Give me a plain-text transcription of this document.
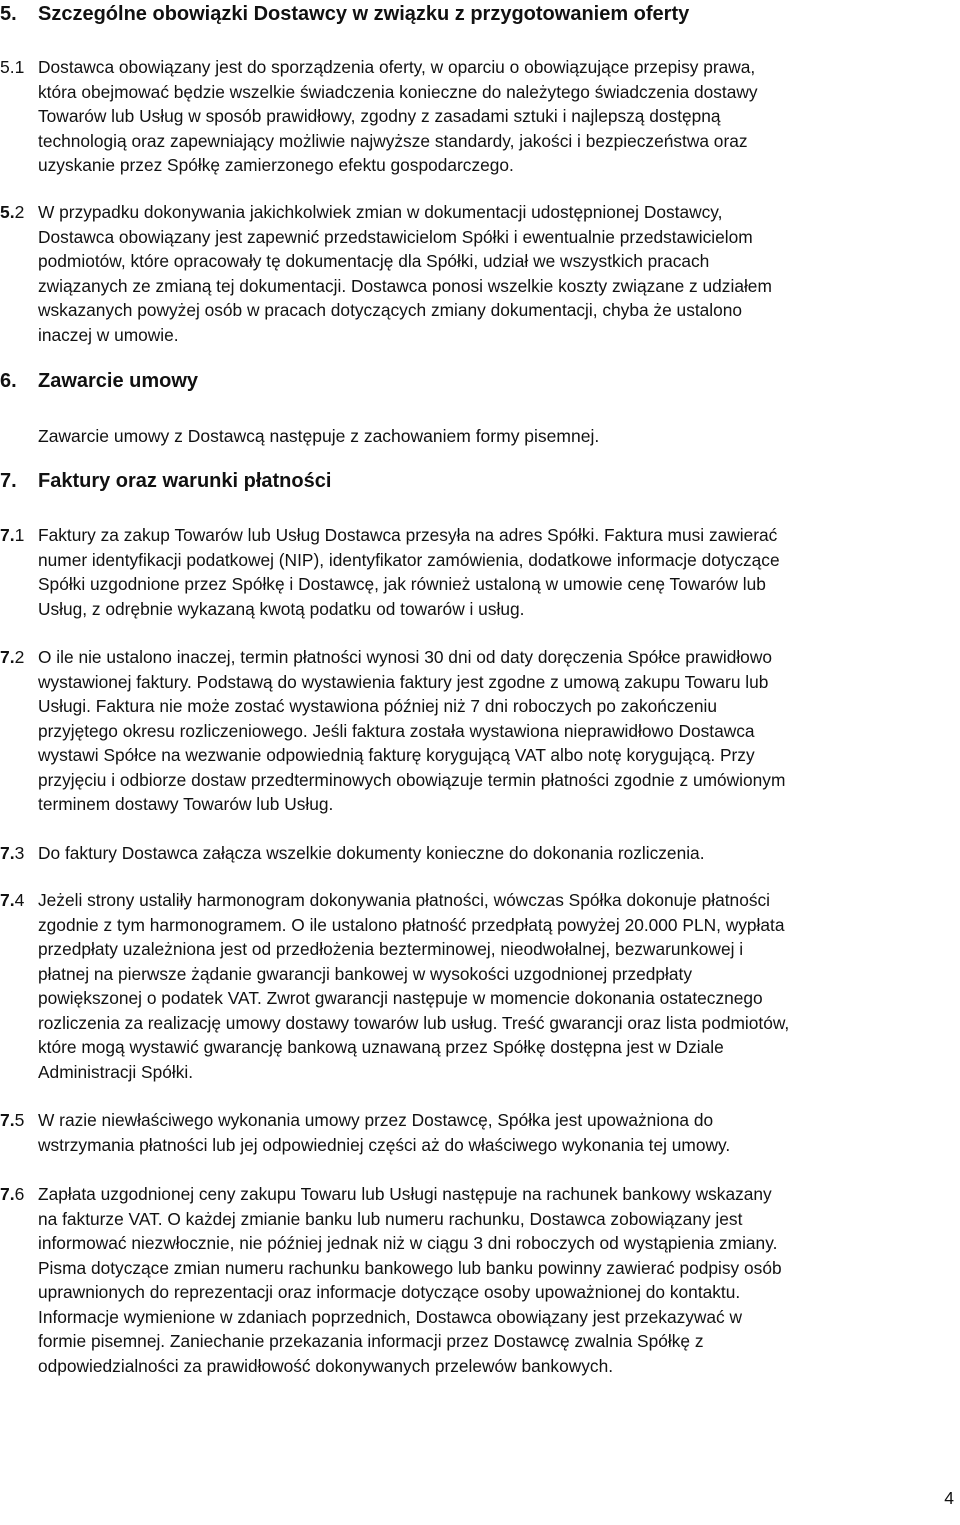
5. Szczególne obowiązki Dostawcy w związku z przygotowaniem oferty
5.1 Dostawca obowiązany jest do sporządzenia oferty, w oparciu o obowiązujące przepisy prawa,
która obejmować będzie wszelkie świadczenia konieczne do należytego świadczenia dostawy
Towarów lub Usług w sposób prawidłowy, zgodny z zasadami sztuki i najlepszą dostępną
technologią oraz zapewniający możliwie najwyższe standardy, jakości i bezpieczeństwa oraz
uzyskanie przez Spółkę zamierzonego efektu gospodarczego.
5.2 W przypadku dokonywania jakichkolwiek zmian w dokumentacji udostępnionej Dostawcy,
Dostawca obowiązany jest zapewnić przedstawicielom Spółki i ewentualnie przedstawicielom
podmiotów, które opracowały tę dokumentację dla Spółki, udział we wszystkich pracach
związanych ze zmianą tej dokumentacji. Dostawca ponosi wszelkie koszty związane z udziałem
wskazanych powyżej osób w pracach dotyczących zmiany dokumentacji, chyba że ustalono
inaczej w umowie.
6. Zawarcie umowy
Zawarcie umowy z Dostawcą następuje z zachowaniem formy pisemnej.
7. Faktury oraz warunki płatności
7.1 Faktury za zakup Towarów lub Usług Dostawca przesyła na adres Spółki. Faktura musi zawierać
numer identyfikacji podatkowej (NIP), identyfikator zamówienia, dodatkowe informacje dotyczące
Spółki uzgodnione przez Spółkę i Dostawcę, jak również ustaloną w umowie cenę Towarów lub
Usług, z odrębnie wykazaną kwotą podatku od towarów i usług.
7.2 O ile nie ustalono inaczej, termin płatności wynosi 30 dni od daty doręczenia Spółce prawidłowo
wystawionej faktury. Podstawą do wystawienia faktury jest zgodne z umową zakupu Towaru lub
Usługi. Faktura nie może zostać wystawiona później niż 7 dni roboczych po zakończeniu
przyjętego okresu rozliczeniowego. Jeśli faktura została wystawiona nieprawidłowo Dostawca
wystawi Spółce na wezwanie odpowiednią fakturę korygującą VAT albo notę korygującą. Przy
przyjęciu i odbiorze dostaw przedterminowych obowiązuje termin płatności zgodnie z umówionym
terminem dostawy Towarów lub Usług.
7.3 Do faktury Dostawca załącza wszelkie dokumenty konieczne do dokonania rozliczenia.
7.4 Jeżeli strony ustaliły harmonogram dokonywania płatności, wówczas Spółka dokonuje płatności
zgodnie z tym harmonogramem. O ile ustalono płatność przedpłatą powyżej 20.000 PLN, wypłata
przedpłaty uzależniona jest od przedłożenia bezterminowej, nieodwołalnej, bezwarunkowej i
płatnej na pierwsze żądanie gwarancji bankowej w wysokości uzgodnionej przedpłaty
powiększonej o podatek VAT. Zwrot gwarancji następuje w momencie dokonania ostatecznego
rozliczenia za realizację umowy dostawy towarów lub usług. Treść gwarancji oraz lista podmiotów,
które mogą wystawić gwarancję bankową uznawaną przez Spółkę dostępna jest w Dziale
Administracji Spółki.
7.5 W razie niewłaściwego wykonania umowy przez Dostawcę, Spółka jest upoważniona do
wstrzymania płatności lub jej odpowiedniej części aż do właściwego wykonania tej umowy.
7.6 Zapłata uzgodnionej ceny zakupu Towaru lub Usługi następuje na rachunek bankowy wskazany
na fakturze VAT. O każdej zmianie banku lub numeru rachunku, Dostawca zobowiązany jest
informować niezwłocznie, nie później jednak niż w ciągu 3 dni roboczych od wystąpienia zmiany.
Pisma dotyczące zmian numeru rachunku bankowego lub banku powinny zawierać podpisy osób
uprawnionych do reprezentacji oraz informacje dotyczące osoby upoważnionej do kontaktu.
Informacje wymienione w zdaniach poprzednich, Dostawca obowiązany jest przekazywać w
formie pisemnej. Zaniechanie przekazania informacji przez Dostawcę zwalnia Spółkę z
odpowiedzialności za prawidłowość dokonywanych przelewów bankowych.
4
